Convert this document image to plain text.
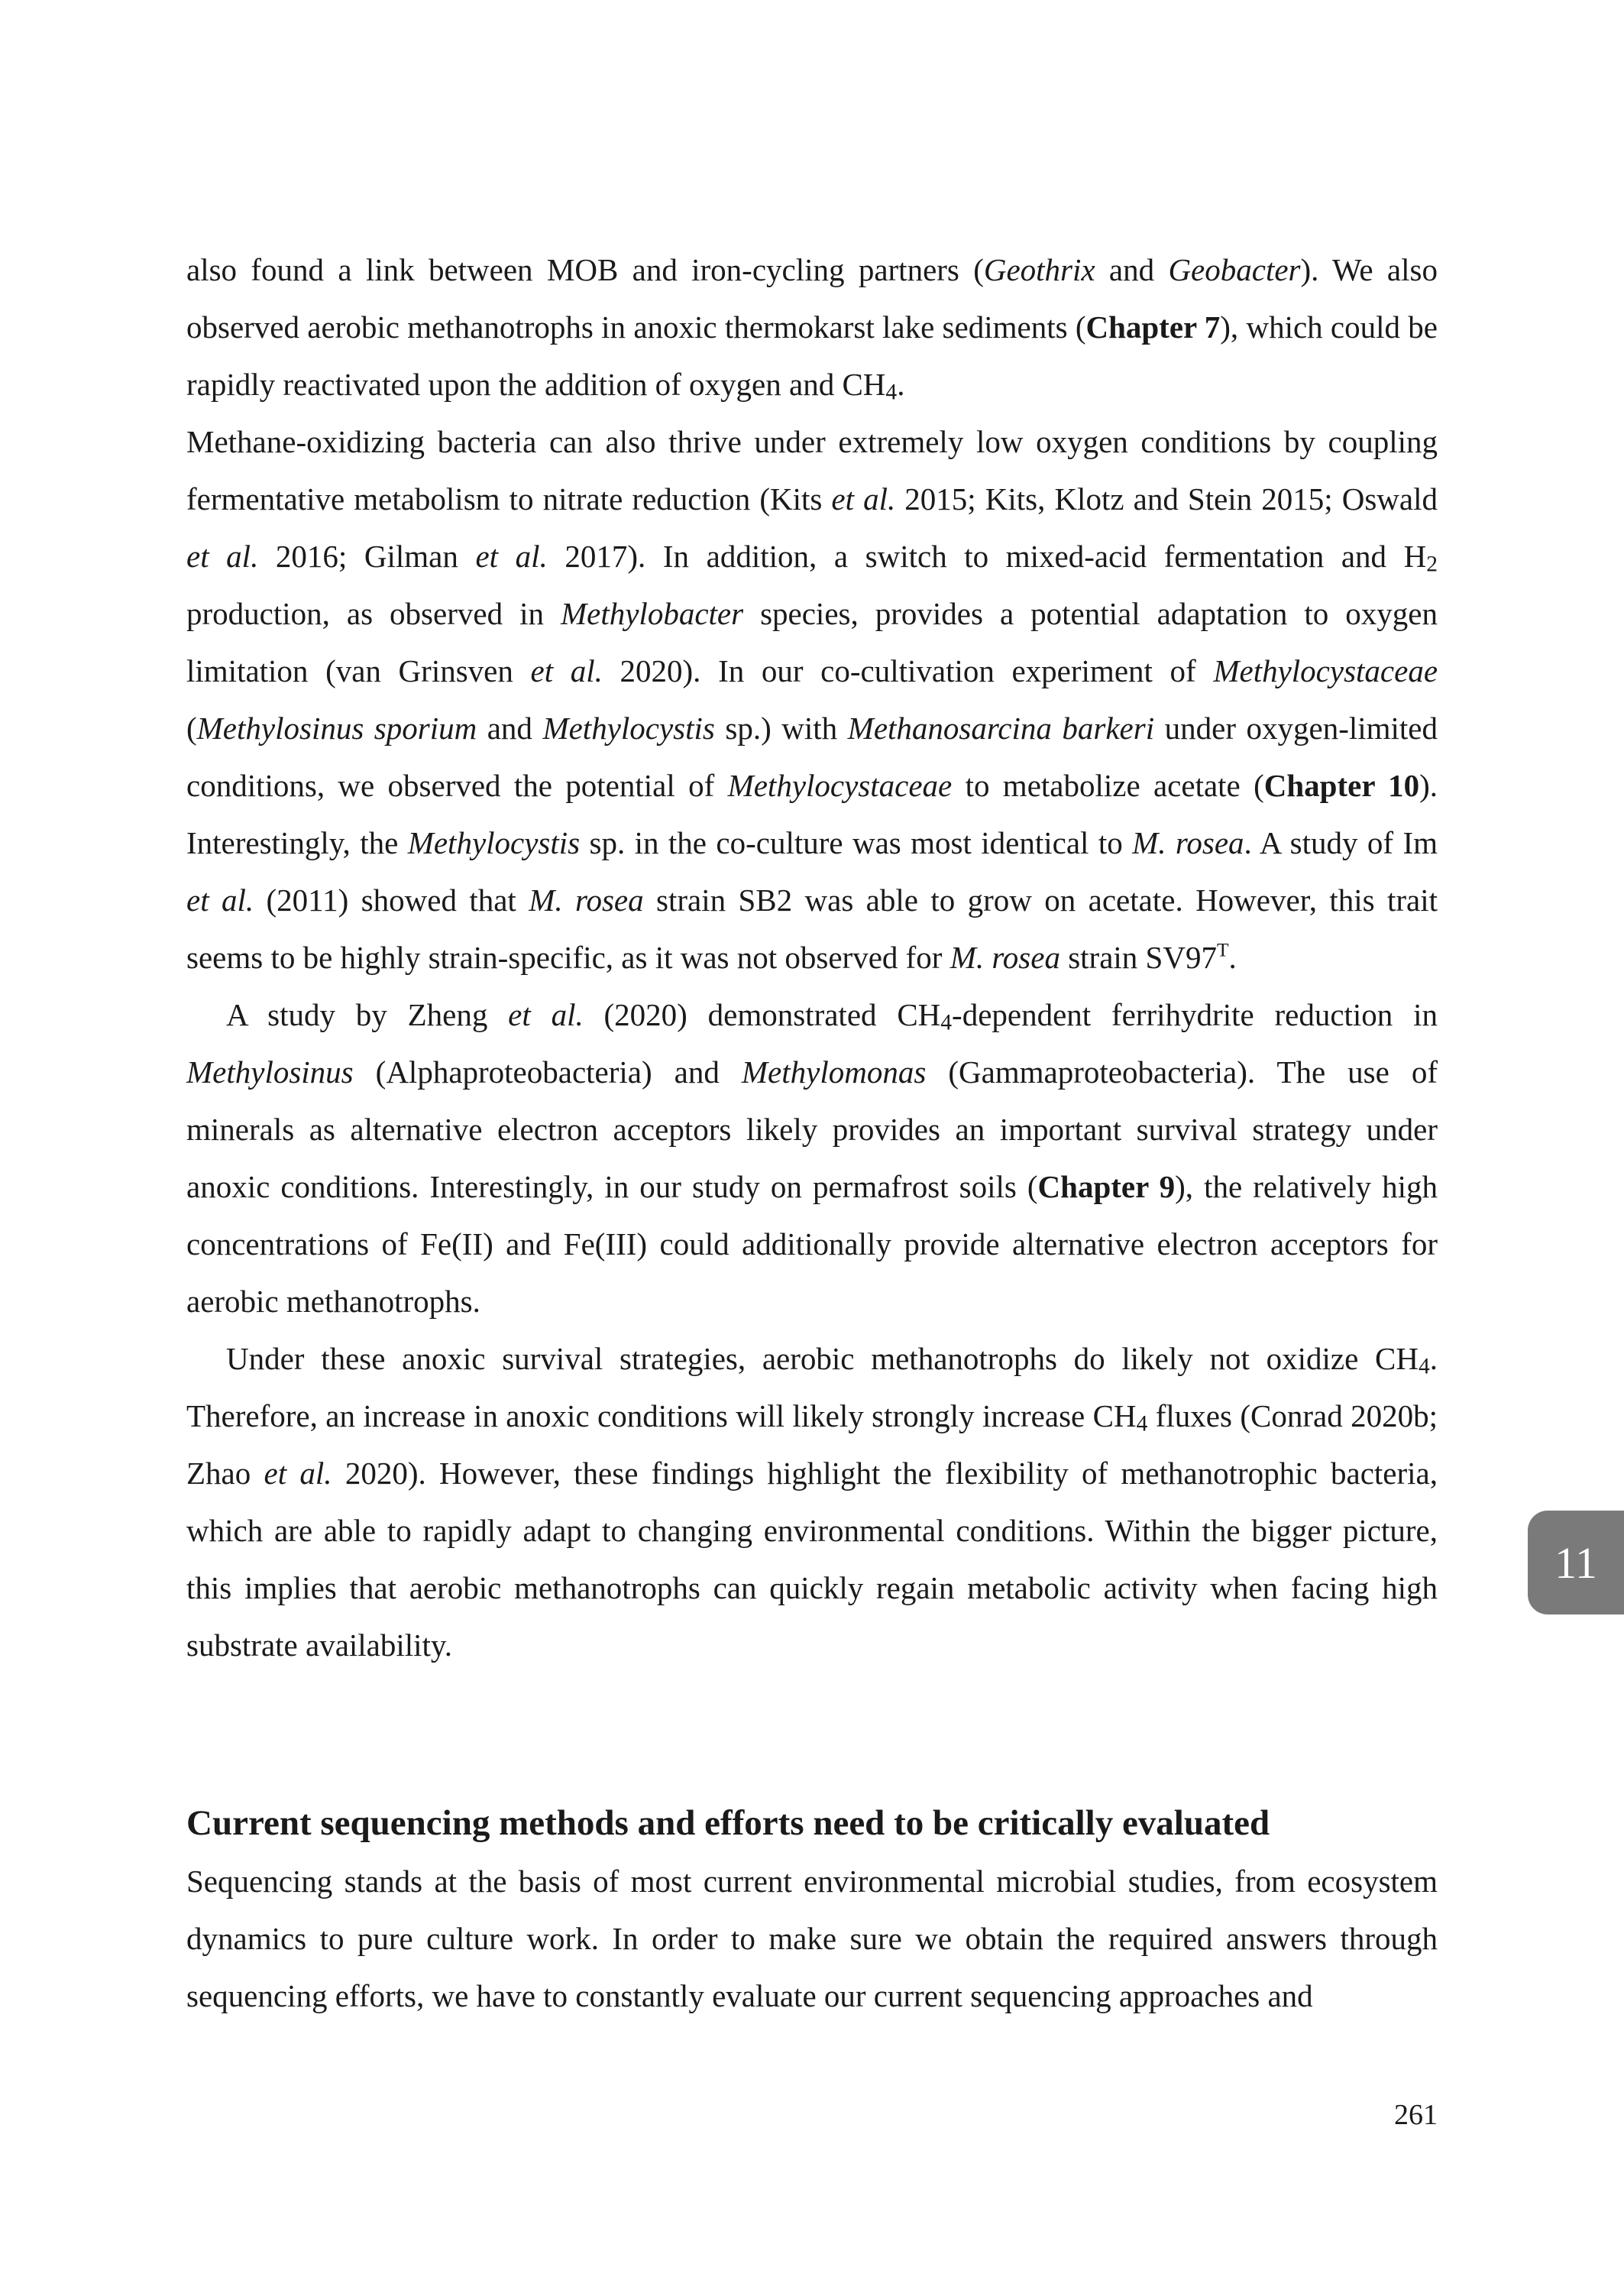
also found a link between MOB and iron-cycling partners (Geothrix and Geobacter). We also observed aerobic methanotrophs in anoxic thermokarst lake sediments (Chapter 7), which could be rapidly reactivated upon the addition of oxygen and CH4.

Methane-oxidizing bacteria can also thrive under extremely low oxygen conditions by coupling fermentative metabolism to nitrate reduction (Kits et al. 2015; Kits, Klotz and Stein 2015; Oswald et al. 2016; Gilman et al. 2017). In addition, a switch to mixed-acid fermentation and H2 production, as observed in Methylobacter species, provides a potential adaptation to oxygen limitation (van Grinsven et al. 2020). In our co-cultivation experiment of Methylocystaceae (Methylosinus sporium and Methylocystis sp.) with Methanosarcina barkeri under oxygen-limited conditions, we observed the potential of Methylocystaceae to metabolize acetate (Chapter 10). Interestingly, the Methylocystis sp. in the co-culture was most identical to M. rosea. A study of Im et al. (2011) showed that M. rosea strain SB2 was able to grow on acetate. However, this trait seems to be highly strain-specific, as it was not observed for M. rosea strain $SV97^T$.

A study by Zheng et al. (2020) demonstrated CH4-dependent ferrihydrite reduction in Methylosinus (Alphaproteobacteria) and Methylomonas (Gammaproteobacteria). The use of minerals as alternative electron acceptors likely provides an important survival strategy under anoxic conditions. Interestingly, in our study on permafrost soils (Chapter 9), the relatively high concentrations of Fe(II) and Fe(III) could additionally provide alternative electron acceptors for aerobic methanotrophs.

Under these anoxic survival strategies, aerobic methanotrophs do likely not oxidize CH4. Therefore, an increase in anoxic conditions will likely strongly increase CH4 fluxes (Conrad 2020b; Zhao et al. 2020). However, these findings highlight the flexibility of methanotrophic bacteria, which are able to rapidly adapt to changing environmental conditions. Within the bigger picture, this implies that aerobic methanotrophs can quickly regain metabolic activity when facing high substrate availability.

Current sequencing methods and efforts need to be critically evaluated

Sequencing stands at the basis of most current environmental microbial studies, from ecosystem dynamics to pure culture work. In order to make sure we obtain the required answers through sequencing efforts, we have to constantly evaluate our current sequencing approaches and

11
261
